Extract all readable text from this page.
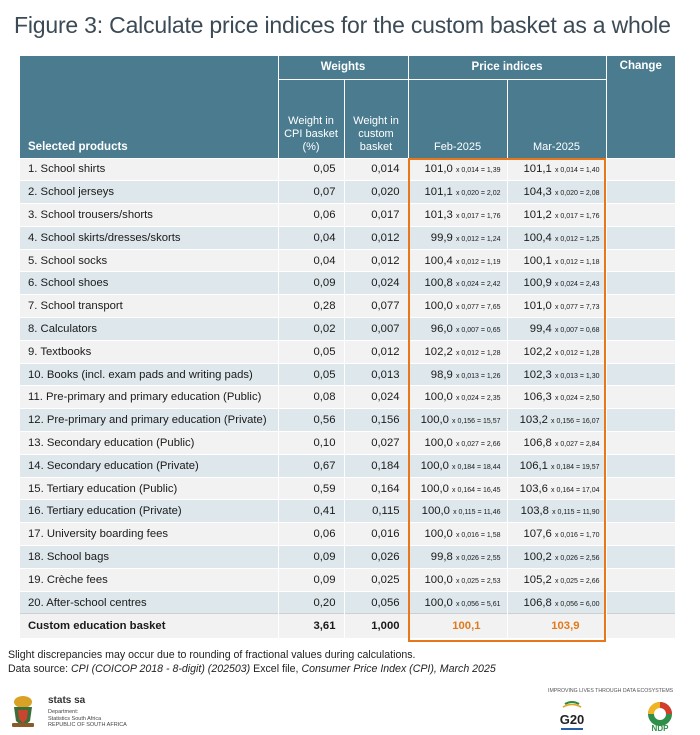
Figure 3: Calculate price indices for the custom basket as a whole
	Weights		Price indices		Change
Selected products	Weight in CPI basket (%)	Weight in custom basket	Feb-2025	Mar-2025	
1. School shirts	0,05	0,014	101,0 x 0,014 = 1,39	101,1 x 0,014 = 1,40	
2. School jerseys	0,07	0,020	101,1 x 0,020 = 2,02	104,3 x 0,020 = 2,08	
3. School trousers/shorts	0,06	0,017	101,3 x 0,017 = 1,76	101,2 x 0,017 = 1,76	
4. School skirts/dresses/skorts	0,04	0,012	99,9 x 0,012 = 1,24	100,4 x 0,012 = 1,25	
5. School socks	0,04	0,012	100,4 x 0,012 = 1,19	100,1 x 0,012 = 1,18	
6. School shoes	0,09	0,024	100,8 x 0,024 = 2,42	100,9 x 0,024 = 2,43	
7. School transport	0,28	0,077	100,0 x 0,077 = 7,65	101,0 x 0,077 = 7,73	
8. Calculators	0,02	0,007	96,0 x 0,007 = 0,65	99,4 x 0,007 = 0,68	
9. Textbooks	0,05	0,012	102,2 x 0,012 = 1,28	102,2 x 0,012 = 1,28	
10. Books (incl. exam pads and writing pads)	0,05	0,013	98,9 x 0,013 = 1,26	102,3 x 0,013 = 1,30	
11. Pre-primary and primary education (Public)	0,08	0,024	100,0 x 0,024 = 2,35	106,3 x 0,024 = 2,50	
12. Pre-primary and primary education (Private)	0,56	0,156	100,0 x 0,156 = 15,57	103,2 x 0,156 = 16,07	
13. Secondary education (Public)	0,10	0,027	100,0 x 0,027 = 2,66	106,8 x 0,027 = 2,84	
14. Secondary education (Private)	0,67	0,184	100,0 x 0,184 = 18,44	106,1 x 0,184 = 19,57	
15. Tertiary education (Public)	0,59	0,164	100,0 x 0,164 = 16,45	103,6 x 0,164 = 17,04	
16. Tertiary education (Private)	0,41	0,115	100,0 x 0,115 = 11,46	103,8 x 0,115 = 11,90	
17. University boarding fees	0,06	0,016	100,0 x 0,016 = 1,58	107,6 x 0,016 = 1,70	
18. School bags	0,09	0,026	99,8 x 0,026 = 2,55	100,2 x 0,026 = 2,56	
19. Crèche fees	0,09	0,025	100,0 x 0,025 = 2,53	105,2 x 0,025 = 2,66	
20. After-school centres	0,20	0,056	100,0 x 0,056 = 5,61	106,8 x 0,056 = 6,00	
Custom education basket	3,61	1,000	100,1	103,9	
Slight discrepancies may occur due to rounding of fractional values during calculations.
Data source: CPI (COICOP 2018 - 8-digit) (202503) Excel file, Consumer Price Index (CPI), March 2025
stats sa
Department:
Statistics South Africa
REPUBLIC OF SOUTH AFRICA
IMPROVING LIVES THROUGH DATA ECOSYSTEMS
G20
NDP
